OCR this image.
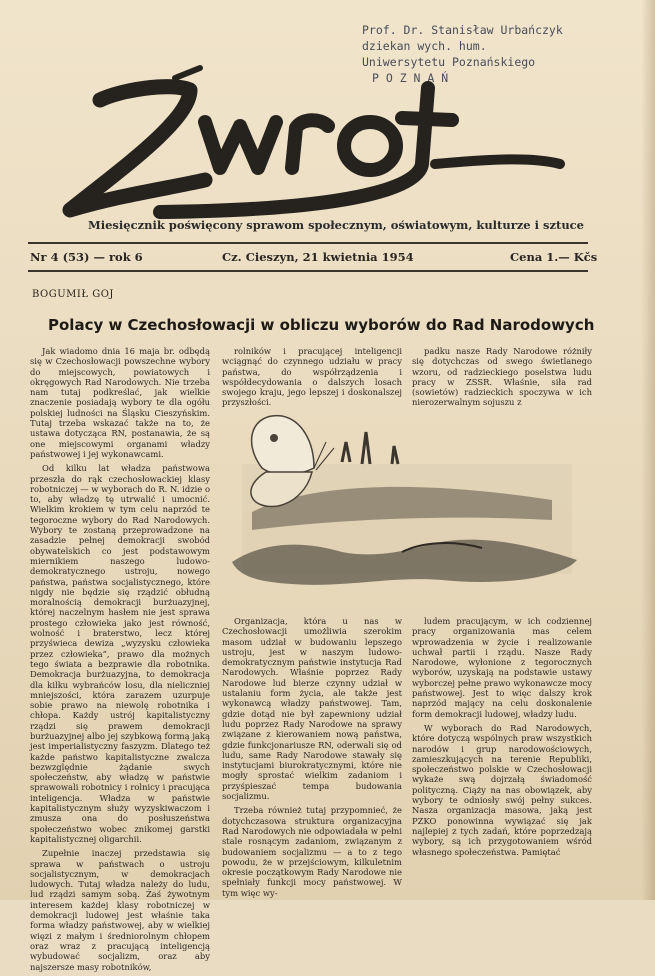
Prof. Dr. Stanisław Urbańczyk
dziekan wych. hum.
Uniwersytetu Poznańskiego
P O Z N A Ń
Miesięcznik poświęcony sprawom społecznym, oświatowym, kulturze i sztuce
Nr 4 (53) — rok 6	Cz. Cieszyn, 21 kwietnia 1954	Cena 1.— Kčs
BOGUMIŁ GOJ
Polacy w Czechosłowacji w obliczu wyborów do Rad Narodowych

Jak wiadomo dnia 16 maja br. odbędą się w Czechosłowacji powszechne wybory do miejscowych, powiatowych i okręgowych Rad Narodowych. Nie trzeba nam tutaj podkreślać, jak wielkie znaczenie posiadają wybory te dla ogółu polskiej ludności na Śląsku Cieszyńskim. Tutaj trzeba wskazać także na to, że ustawa dotycząca RN, postanawia, że są one miejscowymi organami władzy państwowej i jej wykonawcami.

Od kilku lat władza państwowa przeszła do rąk czechosłowackiej klasy robotniczej — w wyborach do R. N. idzie o to, aby władzę tę utrwalić i umocnić. Wielkim krokiem w tym celu naprzód te tegoroczne wybory do Rad Narodowych. Wybory te zostaną przeprowadzone na zasadzie pełnej demokracji swobód obywatelskich co jest podstawowym miernikiem naszego ludowo-demokratycznego ustroju, nowego państwa, państwa socjalistycznego, które nigdy nie będzie się rządzić obłudną moralnością demokracji burżuazyjnej, której naczelnym hasłem nie jest sprawa prostego człowieka jako jest równość, wolność i braterstwo, lecz której przyświeca dewiza „wyzysku człowieka przez człowieka”, prawo dla możnych tego świata a bezprawie dla robotnika. Demokracja burżuazyjna, to demokracja dla kilku wybrańców losu, dla nieliczniej mniejszości, która zarazem uzurpuje sobie prawo na niewolę robotnika i chłopa. Każdy ustrój kapitalistyczny rządzi się prawem demokracji burżuazyjnej albo jej szybkową formą jaką jest imperialistyczny faszyzm. Dlatego też każde państwo kapitalistyczne zwalcza bezwzględnie żądanie swych społeczeństw, aby władzę w państwie sprawowali robotnicy i rolnicy i pracująca inteligencja. Władza w państwie kapitalistycznym służy wyzyskiwaczom i zmusza ona do posłuszeństwa społeczeństwo wobec znikomej garstki kapitalistycznej oligarchii.

Zupełnie inaczej przedstawia się sprawa w państwach o ustroju socjalistycznym, w demokracjach ludowych. Tutaj władza należy do ludu, lud rządzi samym sobą. Żaś żywotnym interesem każdej klasy robotniczej w demokracji ludowej jest właśnie taka forma władzy państwowej, aby w wielkiej więzi z małym i średniorolnym chłopem oraz wraz z pracującą inteligencją wybudować socjalizm, oraz aby najszersze masy robotników,

rolników i pracującej inteligencji wciągnąć do czynnego udziału w pracy państwa, do współrządzenia i współdecydowania o dalszych losach swojego kraju, jego lepszej i doskonalszej przyszłości.

padku nasze Rady Narodowe różniły się dotychczas od swego świetlanego wzoru, od radzieckiego poselstwa ludu pracy w ZSSR. Właśnie, siła rad (sowietów) radzieckich spoczywa w ich nierozerwalnym sojuszu z

Organizacja, która u nas w Czechosłowacji umożliwia szerokim masom udział w budowaniu lepszego ustroju, jest w naszym ludowo-demokratycznym państwie instytucja Rad Narodowych. Właśnie poprzez Rady Narodowe lud bierze czynny udział w ustalaniu form życia, ale także jest wykonawcą władzy państwowej. Tam, gdzie dotąd nie był zapewniony udział ludu poprzez Rady Narodowe na sprawy związane z kierowaniem nową państwa, gdzie funkcjonariusze RN, oderwali się od ludu, same Rady Narodowe stawały się instytucjami biurokratycznymi, które nie mogły sprostać wielkim zadaniom i przyśpieszać tempa budowania socjalizmu.

Trzeba również tutaj przypomnieć, że dotychczasowa struktura organizacyjna Rad Narodowych nie odpowiadała w pełni stale rosnącym zadaniom, związanym z budowaniem socjalizmu — a to z tego powodu, że w przejściowym, kilkuletnim okresie początkowym Rady Narodowe nie spełniały funkcji mocy państwowej. W tym więc wy-

ludem pracującym, w ich codziennej pracy organizowania mas celem wprowadzenia w życie i realizowanie uchwał partii i rządu. Nasze Rady Narodowe, wyłonione z tegorocznych wyborów, uzyskają na podstawie ustawy wyborczej pełne prawo wykonawcze mocy państwowej. Jest to więc dalszy krok naprzód mający na celu doskonalenie form demokracji ludowej, władzy ludu.

W wyborach do Rad Narodowych, które dotyczą wspólnych praw wszystkich narodów i grup narodowościowych, zamieszkujących na terenie Republiki, społeczeństwo polskie w Czechosłowacji wykaże swą dojrzałą świadomość polityczną. Ciąży na nas obowiązek, aby wybory te odniosły swój pełny sukces. Nasza organizacja masowa, jaką jest PZKO ponowinna wywiązać się jak najlepiej z tych zadań, które poprzedzają wybory, są ich przygotowaniem wśród własnego społeczeństwa. Pamiętać
